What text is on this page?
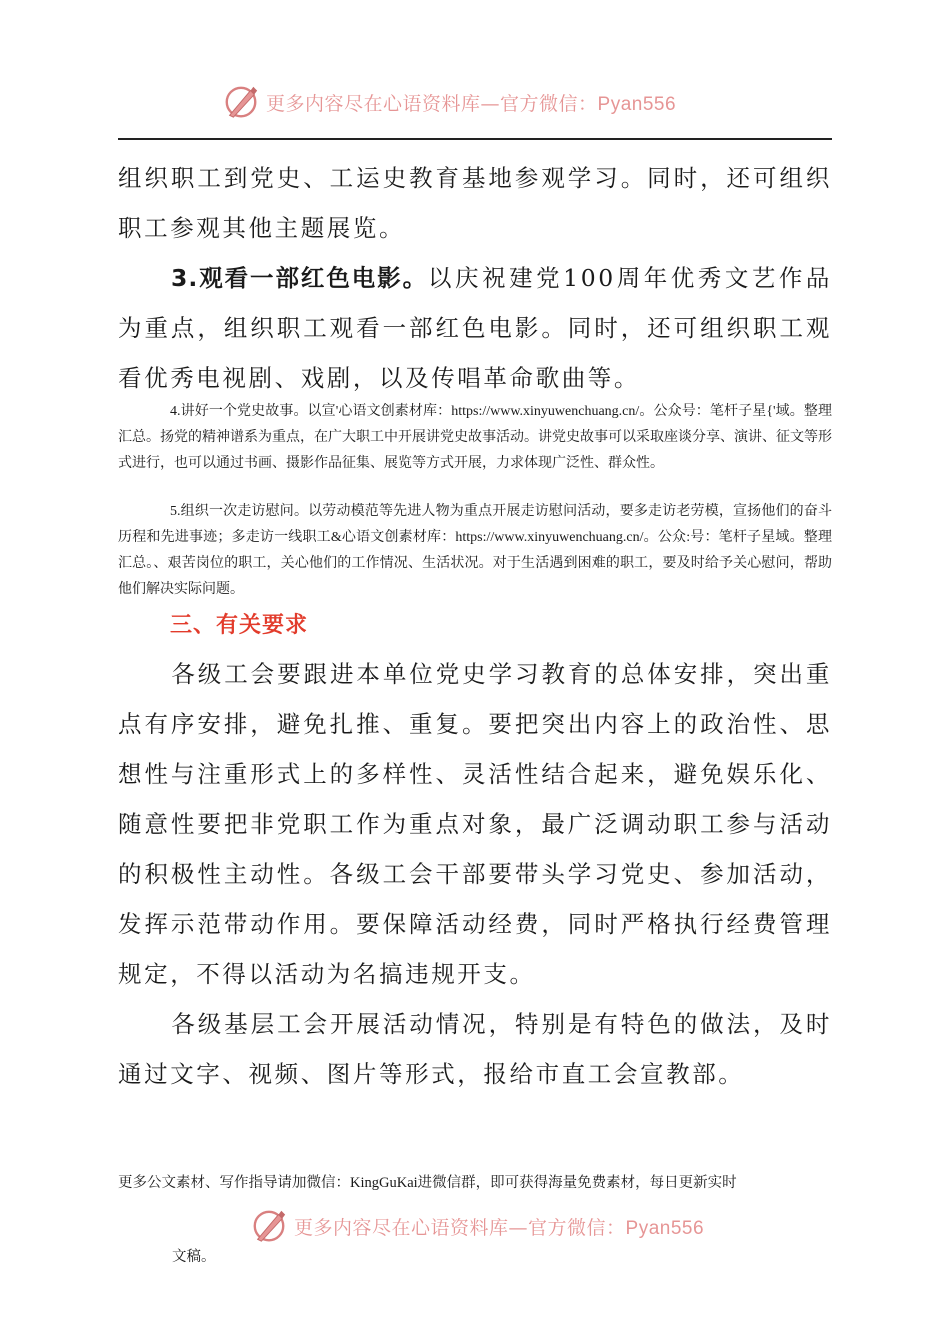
更多内容尽在心语资料库—官方微信：Pyan556
组织职工到党史、工运史教育基地参观学习。同时，还可组织职工参观其他主题展览。
3.观看一部红色电影。以庆祝建党100周年优秀文艺作品为重点，组织职工观看一部红色电影。同时，还可组织职工观看优秀电视剧、戏剧，以及传唱革命歌曲等。
4.讲好一个党史故事。以宣'心语文创素材库：https://www.xinyuwenchuang.cn/。公众号：笔杆子星{'域。整理汇总。扬党的精神谱系为重点，在广大职工中开展讲党史故事活动。讲党史故事可以采取座谈分享、演讲、征文等形式进行，也可以通过书画、摄影作品征集、展览等方式开展，力求体现广泛性、群众性。
5.组织一次走访慰问。以劳动模范等先进人物为重点开展走访慰问活动，要多走访老劳模，宣扬他们的奋斗历程和先进事迹；多走访一线职工&心语文创素材库：https://www.xinyuwenchuang.cn/。公众:号：笔杆子星域。整理汇总。、艰苦岗位的职工，关心他们的工作情况、生活状况。对于生活遇到困难的职工，要及时给予关心慰问，帮助他们解决实际问题。
三、有关要求
各级工会要跟进本单位党史学习教育的总体安排，突出重点有序安排，避免扎推、重复。要把突出内容上的政治性、思想性与注重形式上的多样性、灵活性结合起来，避免娱乐化、随意性要把非党职工作为重点对象，最广泛调动职工参与活动的积极性主动性。各级工会干部要带头学习党史、参加活动，发挥示范带动作用。要保障活动经费，同时严格执行经费管理规定，不得以活动为名搞违规开支。
各级基层工会开展活动情况，特别是有特色的做法，及时通过文字、视频、图片等形式，报给市直工会宣教部。
更多公文素材、写作指导请加微信：KingGuKai进微信群，即可获得海量免费素材，每日更新实时
更多内容尽在心语资料库—官方微信：Pyan556
文稿。
